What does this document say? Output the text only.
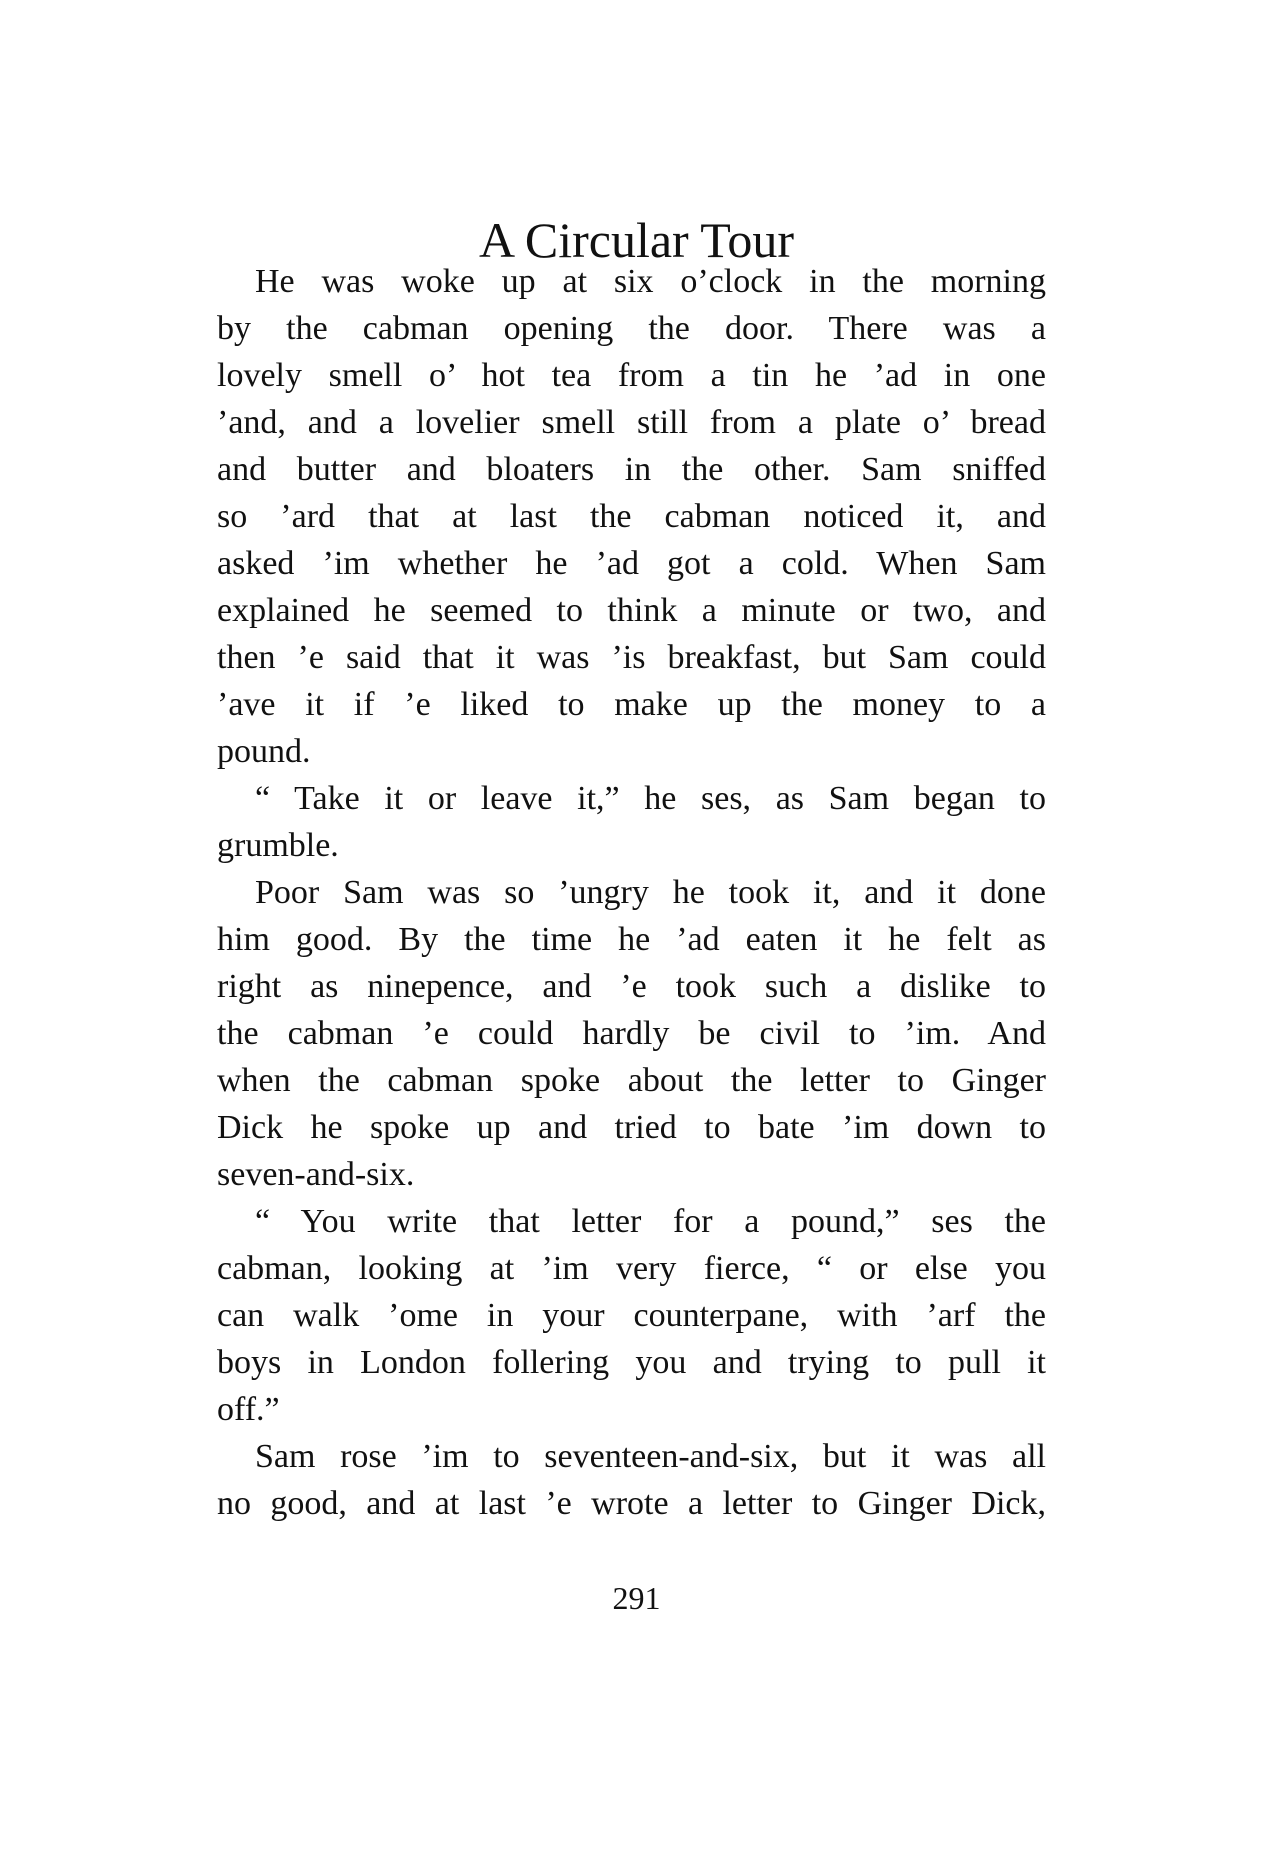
A Circular Tour
He was woke up at six o’clock in the morning
by the cabman opening the door. There was a
lovely smell o’ hot tea from a tin he ’ad in one
’and, and a lovelier smell still from a plate o’ bread
and butter and bloaters in the other. Sam sniffed
so ’ard that at last the cabman noticed it, and
asked ’im whether he ’ad got a cold. When Sam
explained he seemed to think a minute or two, and
then ’e said that it was ’is breakfast, but Sam could
’ave it if ’e liked to make up the money to a
pound.
“ Take it or leave it,” he ses, as Sam began to
grumble.
Poor Sam was so ’ungry he took it, and it done
him good. By the time he ’ad eaten it he felt as
right as ninepence, and ’e took such a dislike to
the cabman ’e could hardly be civil to ’im. And
when the cabman spoke about the letter to Ginger
Dick he spoke up and tried to bate ’im down to
seven-and-six.
“ You write that letter for a pound,” ses the
cabman, looking at ’im very fierce, “ or else you
can walk ’ome in your counterpane, with ’arf the
boys in London follering you and trying to pull it
off.”
Sam rose ’im to seventeen-and-six, but it was all
no good, and at last ’e wrote a letter to Ginger Dick,
291
